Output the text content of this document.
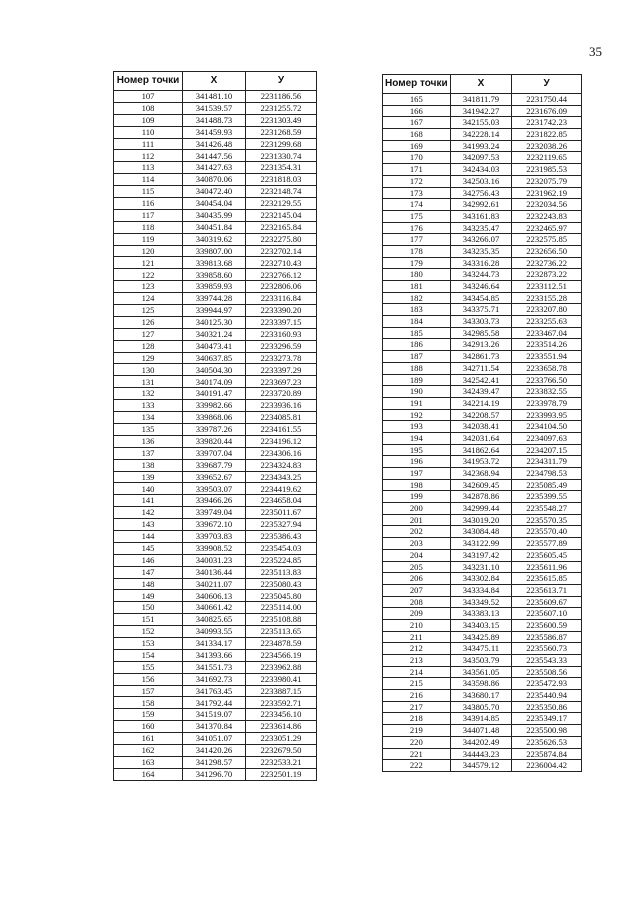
35
Номер точки	X	У
107	341481.10	2231186.56
108	341539.57	2231255.72
109	341488.73	2231303.49
110	341459.93	2231268.59
111	341426.48	2231299.68
112	341447.56	2231330.74
113	341427.63	2231354.31
114	340870.06	2231818.03
115	340472.40	2232148.74
116	340454.04	2232129.55
117	340435.99	2232145.04
118	340451.84	2232165.84
119	340319.62	2232275.80
120	339807.00	2232702.14
121	339813.68	2232710.43
122	339858.60	2232766.12
123	339859.93	2232806.06
124	339744.28	2233116.84
125	339944.97	2233390.20
126	340125.30	2233397.15
127	340321.24	2233160.93
128	340473.41	2233296.59
129	340637.85	2233273.78
130	340504.30	2233397.29
131	340174.09	2233697.23
132	340191.47	2233720.89
133	339982.66	2233936.16
134	339868.06	2234085.81
135	339787.26	2234161.55
136	339820.44	2234196.12
137	339707.04	2234306.16
138	339687.79	2234324.83
139	339652.67	2234343.25
140	339503.07	2234419.62
141	339466.26	2234658.04
142	339749.04	2235011.67
143	339672.10	2235327.94
144	339703.83	2235386.43
145	339908.52	2235454.03
146	340031.23	2235224.85
147	340136.44	2235113.83
148	340211.07	2235080.43
149	340606.13	2235045.80
150	340661.42	2235114.00
151	340825.65	2235108.88
152	340993.55	2235113.65
153	341334.17	2234878.59
154	341393.66	2234566.19
155	341551.73	2233962.88
156	341692.73	2233980.41
157	341763.45	2233887.15
158	341792.44	2233592.71
159	341519.07	2233456.10
160	341370.84	2233614.86
161	341051.07	2233051.29
162	341420.26	2232679.50
163	341298.57	2232533.21
164	341296.70	2232501.19
Номер точки	X	У
165	341811.79	2231750.44
166	341942.27	2231676.09
167	342155.03	2231742.23
168	342228.14	2231822.85
169	341993.24	2232038.26
170	342097.53	2232119.65
171	342434.03	2231985.53
172	342503.16	2232075.79
173	342756.43	2231962.19
174	342992.61	2232034.56
175	343161.83	2232243.83
176	343235.47	2232465.97
177	343266.07	2232575.85
178	343235.35	2232656.50
179	343316.28	2232736.22
180	343244.73	2232873.22
181	343246.64	2233112.51
182	343454.85	2233155.28
183	343375.71	2233207.80
184	343303.73	2233255.63
185	342985.58	2233467.04
186	342913.26	2233514.26
187	342861.73	2233551.94
188	342711.54	2233658.78
189	342542.41	2233766.50
190	342439.47	2233832.55
191	342214.19	2233978.79
192	342208.57	2233993.95
193	342038.41	2234104.50
194	342031.64	2234097.63
195	341862.64	2234207.15
196	341953.72	2234311.79
197	342368.94	2234798.53
198	342609.45	2235085.49
199	342878.86	2235399.55
200	342999.44	2235548.27
201	343019.20	2235570.35
202	343084.48	2235570.40
203	343122.99	2235577.89
204	343197.42	2235605.45
205	343231.10	2235611.96
206	343302.84	2235615.85
207	343334.84	2235613.71
208	343349.52	2235609.67
209	343383.13	2235607.10
210	343403.15	2235600.59
211	343425.89	2235586.87
212	343475.11	2235560.73
213	343503.79	2235543.33
214	343561.05	2235508.56
215	343598.86	2235472.93
216	343680.17	2235440.94
217	343805.70	2235350.86
218	343914.85	2235349.17
219	344071.48	2235500.98
220	344202.49	2235626.53
221	344443.23	2235874.84
222	344579.12	2236004.42
